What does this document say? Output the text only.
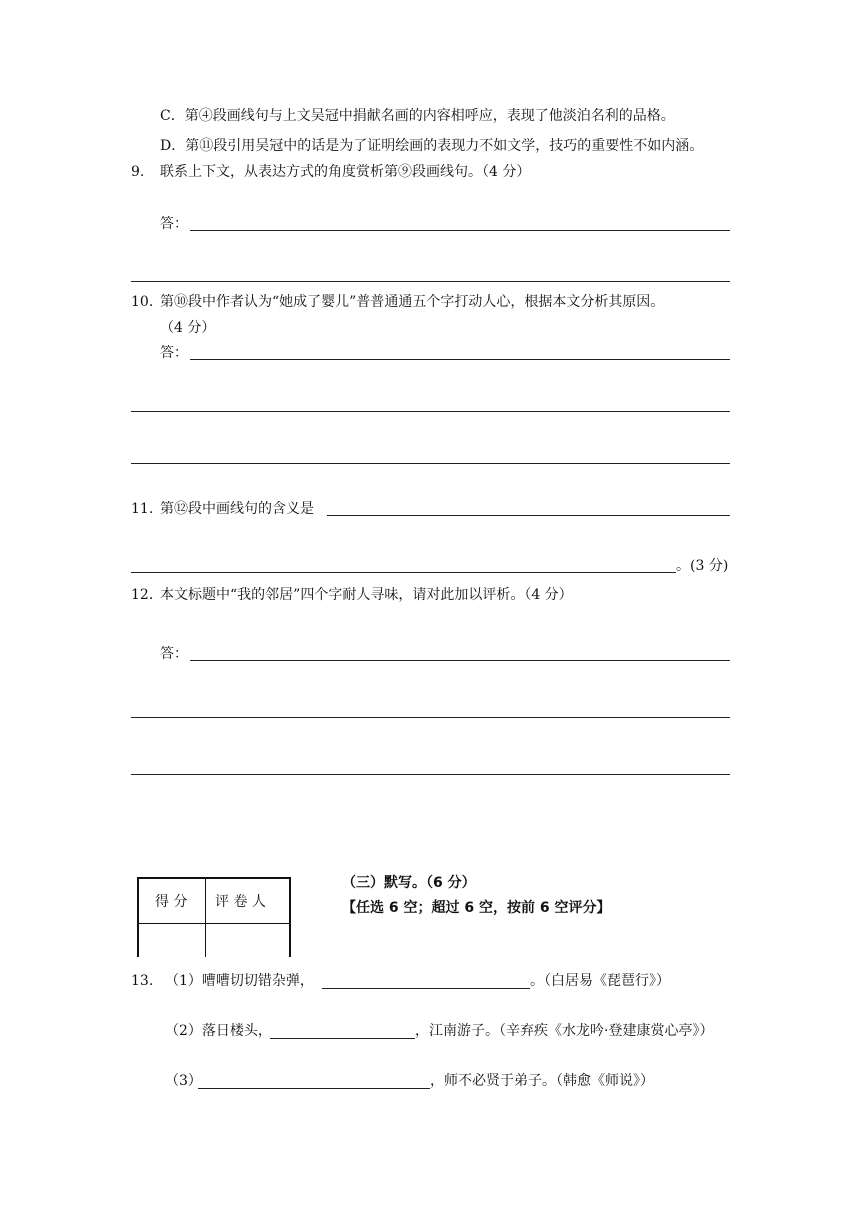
C．第④段画线句与上文吴冠中捐献名画的内容相呼应，表现了他淡泊名利的品格。
D．第⑪段引用吴冠中的话是为了证明绘画的表现力不如文学，技巧的重要性不如内涵。
9. 联系上下文，从表达方式的角度赏析第⑨段画线句。（4 分）
答：
10. 第⑩段中作者认为“她成了婴儿”普普通通五个字打动人心，根据本文分析其原因。
（4 分）
答：
11. 第⑫段中画线句的含义是
。(3 分)
12. 本文标题中“我的邻居”四个字耐人寻味，请对此加以评析。（4 分）
答：
得 分 评 卷 人
（三）默写。（6 分）
【任选 6 空；超过 6 空，按前 6 空评分】
13. （1）嘈嘈切切错杂弹，	。（白居易《琵琶行》）
（2）落日楼头，	，江南游子。（辛弃疾《水龙吟·登建康赏心亭》）
（3）	，师不必贤于弟子。（韩愈《师说》）
